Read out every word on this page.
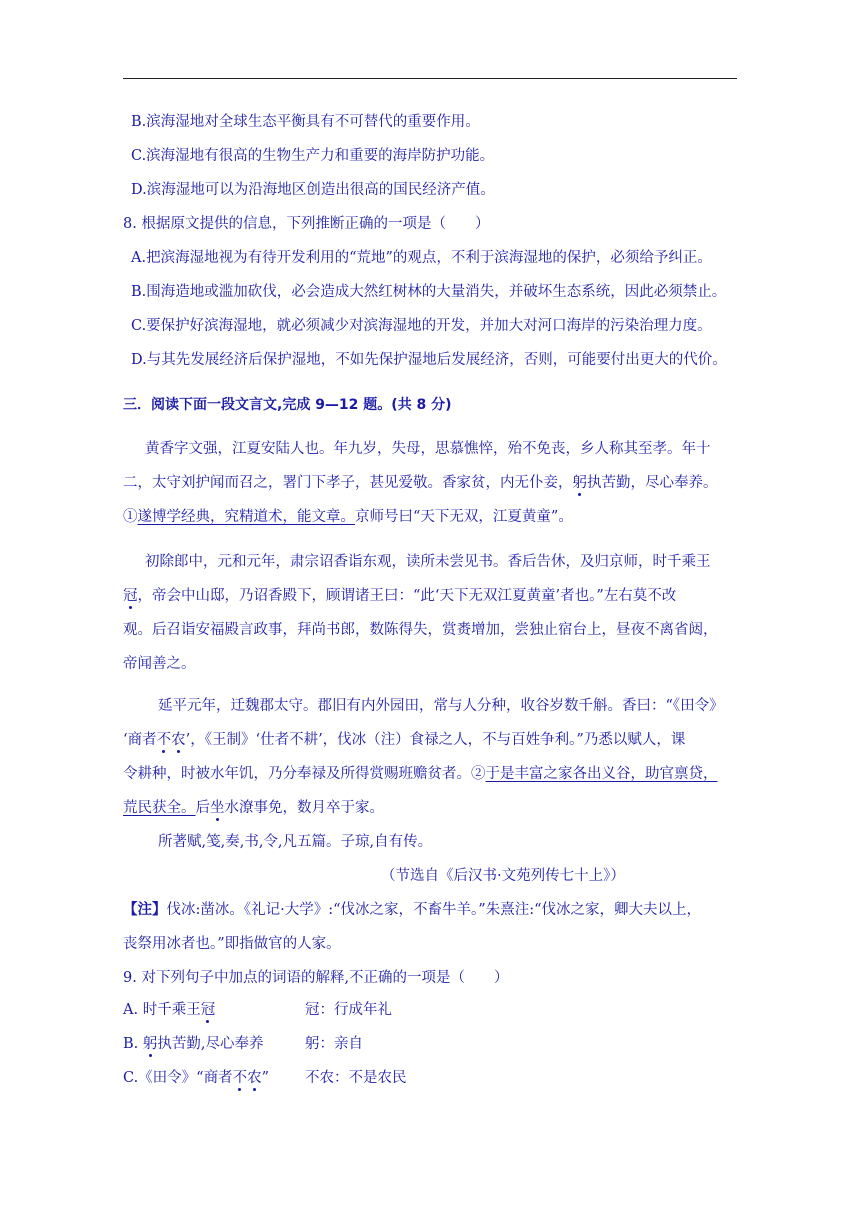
B.滨海湿地对全球生态平衡具有不可替代的重要作用。
C.滨海湿地有很高的生物生产力和重要的海岸防护功能。
D.滨海湿地可以为沿海地区创造出很高的国民经济产值。
8. 根据原文提供的信息，下列推断正确的一项是（　　）
A.把滨海湿地视为有待开发利用的“荒地”的观点，不利于滨海湿地的保护，必须给予纠正。
B.围海造地或滥加砍伐，必会造成大然红树林的大量消失，并破坏生态系统，因此必须禁止。
C.要保护好滨海湿地，就必须减少对滨海湿地的开发，并加大对河口海岸的污染治理力度。
D.与其先发展经济后保护湿地，不如先保护湿地后发展经济，否则，可能要付出更大的代价。
三．阅读下面一段文言文,完成 9—12 题。(共 8 分)
黄香字文强，江夏安陆人也。年九岁，失母，思慕憔悴，殆不免丧，乡人称其至孝。年十
二，太守刘护闻而召之，署门下孝子，甚见爱敬。香家贫，内无仆妾，躬执苦勤，尽心奉养。
①遂博学经典，究精道术，能文章。京师号曰“天下无双，江夏黄童”。
初除郎中，元和元年，肃宗诏香诣东观，读所未尝见书。香后告休，及归京师，时千乘王
冠，帝会中山邸，乃诏香殿下，顾谓诸王曰：“此‘天下无双江夏黄童’者也。”左右莫不改
观。后召诣安福殿言政事，拜尚书郎，数陈得失，赏赉增加，尝独止宿台上，昼夜不离省闼，
帝闻善之。
延平元年，迁魏郡太守。郡旧有内外园田，常与人分种，收谷岁数千斛。香曰：“《田令》
‘商者不农’，《王制》‘仕者不耕’，伐冰（注）食禄之人，不与百姓争利。”乃悉以赋人，课
令耕种，时被水年饥，乃分奉禄及所得赏赐班赡贫者。②于是丰富之家各出义谷，助官禀贷，
荒民获全。后坐水潦事免，数月卒于家。
所著赋,笺,奏,书,令,凡五篇。子琼,自有传。
（节选自《后汉书·文苑列传七十上》）
【注】伐冰:凿冰。《礼记·大学》:“伐冰之家，不畜牛羊。”朱熹注:“伐冰之家，卿大夫以上，
丧祭用冰者也。”即指做官的人家。
9. 对下列句子中加点的词语的解释,不正确的一项是（　　）
A. 时千乘王冠	冠：行成年礼
B. 躬执苦勤,尽心奉养	躬：亲自
C.《田令》“商者不农” 不农：不是农民
